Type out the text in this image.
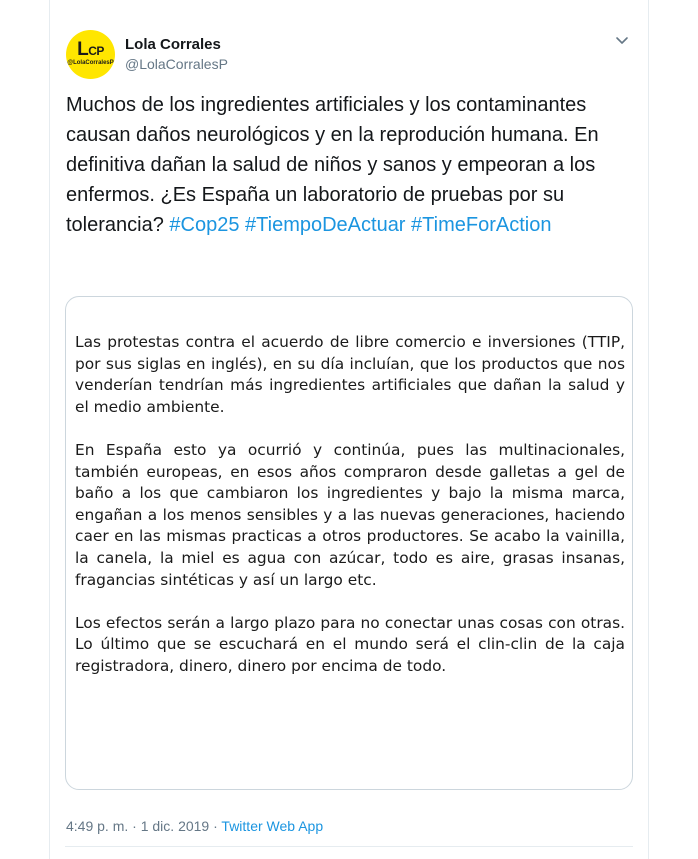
LCP
@LolaCorralesP
Lola Corrales
@LolaCorralesP

Muchos de los ingredientes artificiales y los contaminantes causan daños neurológicos y en la reprodución humana. En definitiva dañan la salud de niños y sanos y empeoran a los enfermos. ¿Es España un laboratorio de pruebas por su tolerancia? #Cop25 #TiempoDeActuar #TimeForAction

Las protestas contra el acuerdo de libre comercio e inversiones (TTIP, por sus siglas en inglés), en su día incluían, que los productos que nos venderían tendrían más ingredientes artificiales que dañan la salud y el medio ambiente.

En España esto ya ocurrió y continúa, pues las multinacionales, también europeas, en esos años compraron desde galletas a gel de baño a los que cambiaron los ingredientes y bajo la misma marca, engañan a los menos sensibles y a las nuevas generaciones, haciendo caer en las mismas practicas a otros productores. Se acabo la vainilla, la canela, la miel es agua con azúcar, todo es aire, grasas insanas, fragancias sintéticas y así un largo etc.

Los efectos serán a largo plazo para no conectar unas cosas con otras. Lo último que se escuchará en el mundo será el clin-clin de la caja registradora, dinero, dinero por encima de todo.

4:49 p. m. · 1 dic. 2019 · Twitter Web App
